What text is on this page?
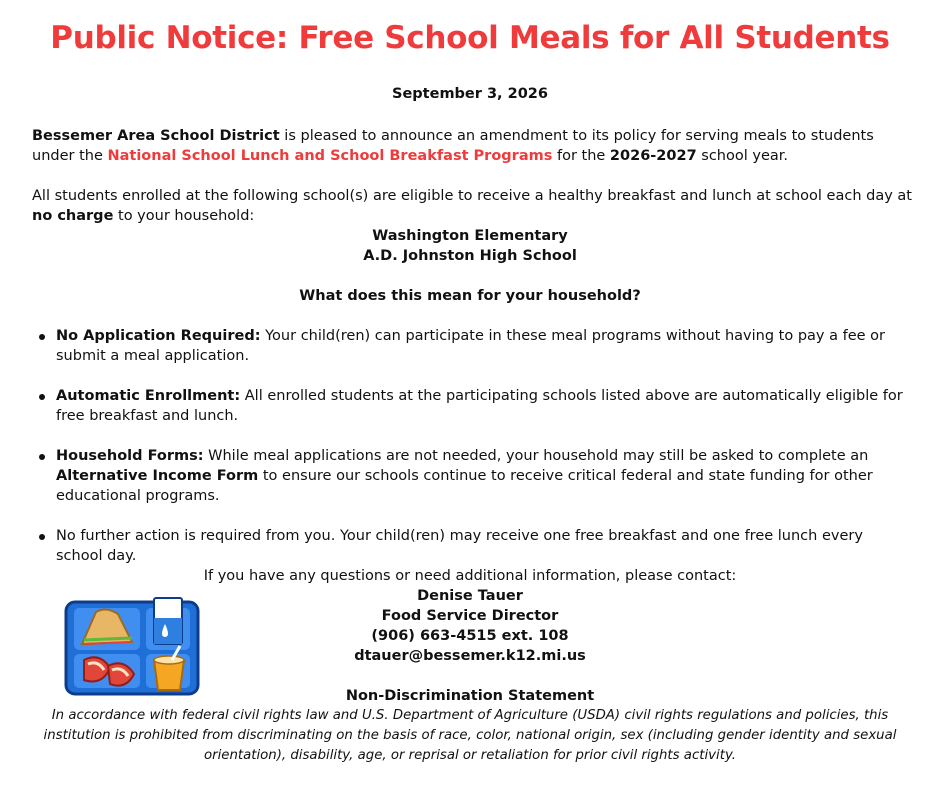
Public Notice: Free School Meals for All Students
September 3, 2026
Bessemer Area School District is pleased to announce an amendment to its policy for serving meals to students under the National School Lunch and School Breakfast Programs for the 2026-2027 school year.
All students enrolled at the following school(s) are eligible to receive a healthy breakfast and lunch at school each day at no charge to your household:
Washington Elementary
A.D. Johnston High School
What does this mean for your household?
No Application Required: Your child(ren) can participate in these meal programs without having to pay a fee or submit a meal application.
Automatic Enrollment: All enrolled students at the participating schools listed above are automatically eligible for free breakfast and lunch.
Household Forms: While meal applications are not needed, your household may still be asked to complete an Alternative Income Form to ensure our schools continue to receive critical federal and state funding for other educational programs.
No further action is required from you. Your child(ren) may receive one free breakfast and one free lunch every school day.
If you have any questions or need additional information, please contact:
Denise Tauer
Food Service Director
(906) 663-4515 ext. 108
dtauer@bessemer.k12.mi.us
Non-Discrimination Statement
In accordance with federal civil rights law and U.S. Department of Agriculture (USDA) civil rights regulations and policies, this institution is prohibited from discriminating on the basis of race, color, national origin, sex (including gender identity and sexual orientation), disability, age, or reprisal or retaliation for prior civil rights activity.
